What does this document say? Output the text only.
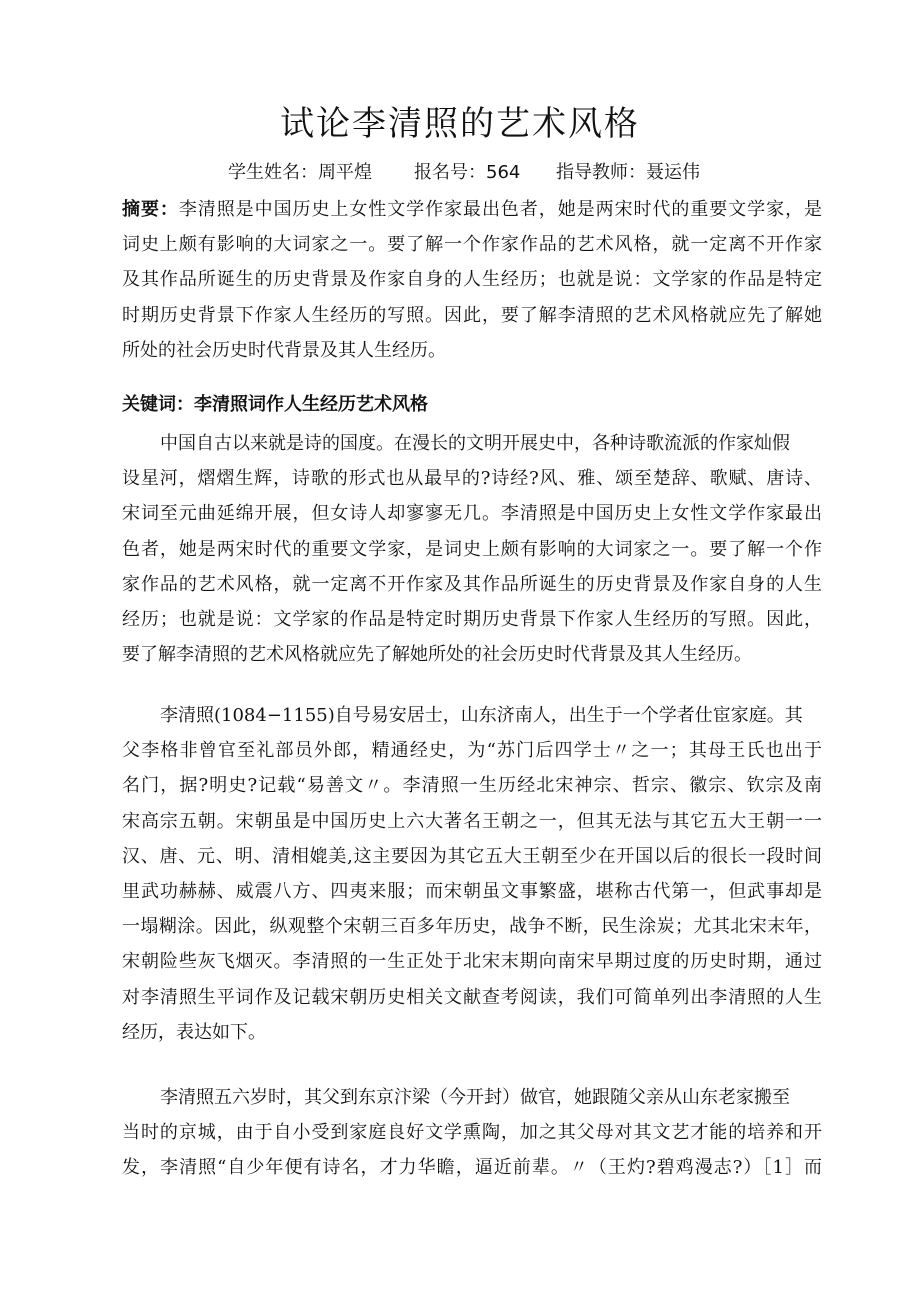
试论李清照的艺术风格
学生姓名：周平煌 报名号：564 指导教师：聂运伟
摘要：李清照是中国历史上女性文学作家最出色者，她是两宋时代的重要文学家，是
词史上颇有影响的大词家之一。要了解一个作家作品的艺术风格，就一定离不开作家
及其作品所诞生的历史背景及作家自身的人生经历；也就是说：文学家的作品是特定
时期历史背景下作家人生经历的写照。因此，要了解李清照的艺术风格就应先了解她
所处的社会历史时代背景及其人生经历。
关键词：李清照词作人生经历艺术风格
中国自古以来就是诗的国度。在漫长的文明开展史中，各种诗歌流派的作家灿假
设星河，熠熠生辉，诗歌的形式也从最早的?诗经?风、雅、颂至楚辞、歌赋、唐诗、
宋词至元曲延绵开展，但女诗人却寥寥无几。李清照是中国历史上女性文学作家最出
色者，她是两宋时代的重要文学家，是词史上颇有影响的大词家之一。要了解一个作
家作品的艺术风格，就一定离不开作家及其作品所诞生的历史背景及作家自身的人生
经历；也就是说：文学家的作品是特定时期历史背景下作家人生经历的写照。因此，
要了解李清照的艺术风格就应先了解她所处的社会历史时代背景及其人生经历。
李清照(1084−1155)自号易安居士，山东济南人，出生于一个学者仕宦家庭。其
父李格非曾官至礼部员外郎，精通经史，为“苏门后四学士〃之一；其母王氏也出于
名门，据?明史?记载“易善文〃。李清照一生历经北宋神宗、哲宗、徽宗、钦宗及南
宋高宗五朝。宋朝虽是中国历史上六大著名王朝之一，但其无法与其它五大王朝一一
汉、唐、元、明、清相媲美,这主要因为其它五大王朝至少在开国以后的很长一段时间
里武功赫赫、威震八方、四夷来服；而宋朝虽文事繁盛，堪称古代第一，但武事却是
一塌糊涂。因此，纵观整个宋朝三百多年历史，战争不断，民生涂炭；尤其北宋末年，
宋朝险些灰飞烟灭。李清照的一生正处于北宋末期向南宋早期过度的历史时期，通过
对李清照生平词作及记载宋朝历史相关文献查考阅读，我们可简单列出李清照的人生
经历，表达如下。
李清照五六岁时，其父到东京汴梁（今开封）做官，她跟随父亲从山东老家搬至
当时的京城，由于自小受到家庭良好文学熏陶，加之其父母对其文艺才能的培养和开
发，李清照“自少年便有诗名，才力华瞻，逼近前辈。〃（王灼?碧鸡漫志?）［1］而
